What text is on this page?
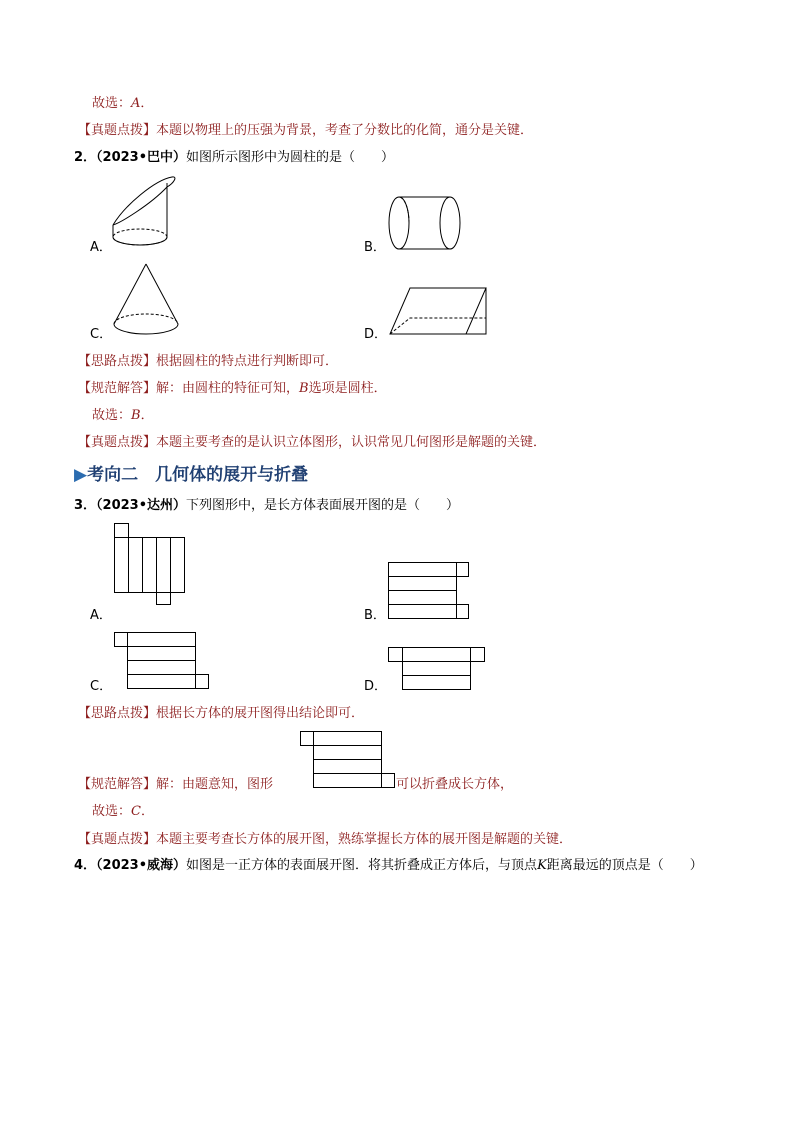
故选：A．
【真题点拨】本题以物理上的压强为背景，考查了分数比的化简，通分是关键．
2．（2023•巴中）如图所示图形中为圆柱的是（　　）
A．	B．
C．	D．
【思路点拨】根据圆柱的特点进行判断即可．
【规范解答】解：由圆柱的特征可知，B选项是圆柱．
故选：B．
【真题点拨】本题主要考查的是认识立体图形，认识常见几何图形是解题的关键．
▶考向二　几何体的展开与折叠
3．（2023•达州）下列图形中，是长方体表面展开图的是（　　）
A．	B．
C．	D．
【思路点拨】根据长方体的展开图得出结论即可．
【规范解答】解：由题意知，图形	可以折叠成长方体，
故选：C．
【真题点拨】本题主要考查长方体的展开图，熟练掌握长方体的展开图是解题的关键．
4．（2023•威海）如图是一正方体的表面展开图．将其折叠成正方体后，与顶点K距离最远的顶点是（　　）
